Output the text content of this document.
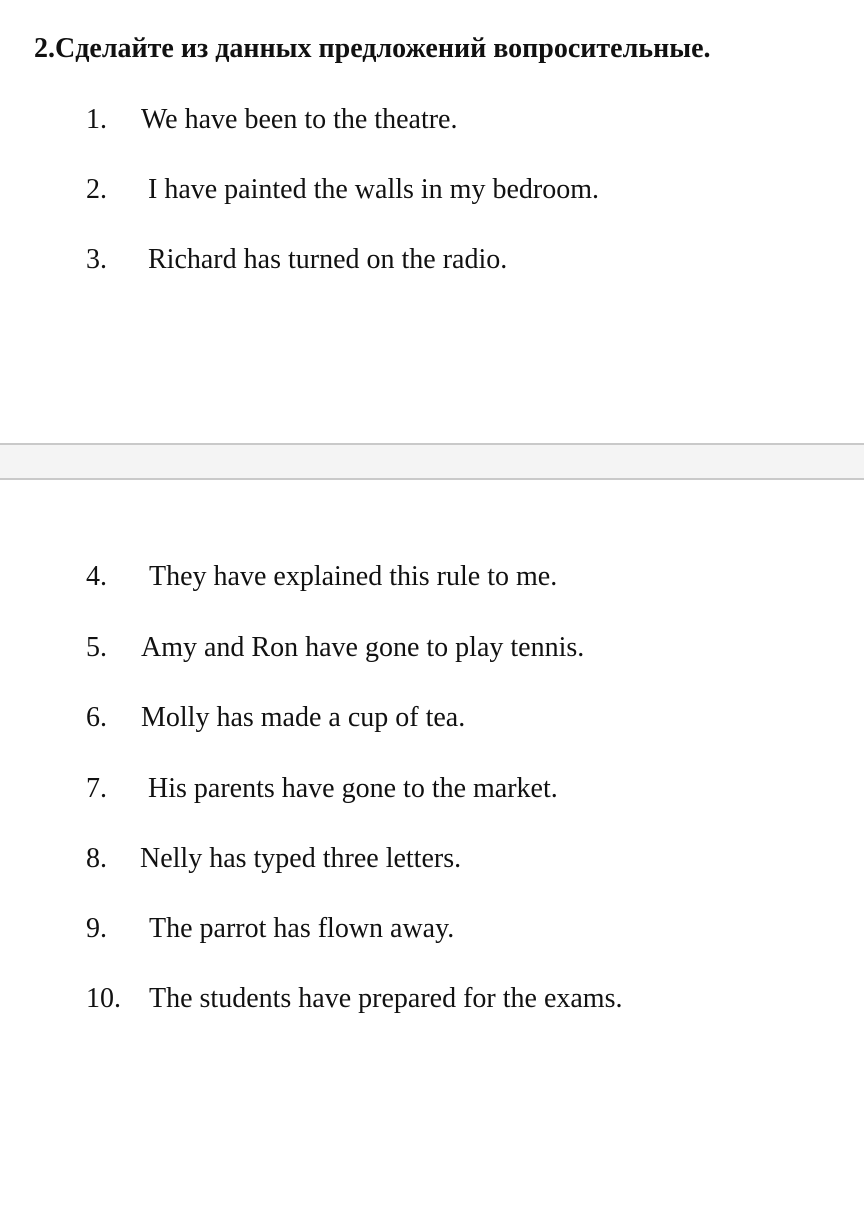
2.Сделайте из данных предложений вопросительные.
1. We have been to the theatre.
2. I have painted the walls in my bedroom.
3. Richard has turned on the radio.
4. They have explained this rule to me.
5. Amy and Ron have gone to play tennis.
6. Molly has made a cup of tea.
7. His parents have gone to the market.
8. Nelly has typed three letters.
9. The parrot has flown away.
10. The students have prepared for the exams.
